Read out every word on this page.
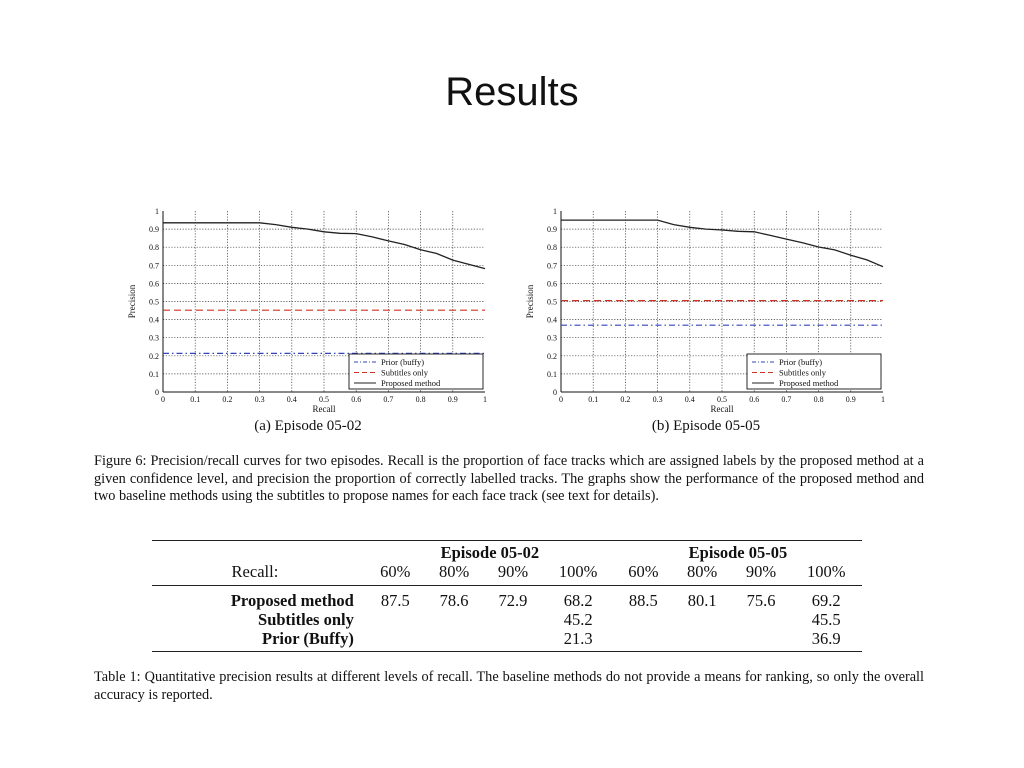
Results
0	0.1	0.2	0.3	0.4	0.5	0.6	0.7	0.8	0.9	1
0
0.1
0.2
0.3
0.4
0.5
0.6
0.7
0.8
0.9
1
Recall
Precision
Prior (buffy)
Subtitles only
Proposed method
0	0.1	0.2	0.3	0.4	0.5	0.6	0.7	0.8	0.9	1
0
0.1
0.2
0.3
0.4
0.5
0.6
0.7
0.8
0.9
1
Recall
Precision
Prior (buffy)
Subtitles only
Proposed method
(a) Episode 05-02	(b) Episode 05-05

Figure 6: Precision/recall curves for two episodes. Recall is the proportion of face tracks which are assigned labels by the proposed method at a given confidence level, and precision the proportion of correctly labelled tracks. The graphs show the performance of the proposed method and two baseline methods using the subtitles to propose names for each face track (see text for details).

	Episode 05-02				Episode 05-05			
Recall:	60%	80%	90%	100%	60%	80%	90%	100%
Proposed method	87.5	78.6	72.9	68.2	88.5	80.1	75.6	69.2
Subtitles only				45.2				45.5
Prior (Buffy)				21.3				36.9

Table 1: Quantitative precision results at different levels of recall. The baseline methods do not provide a means for ranking, so only the overall accuracy is reported.
